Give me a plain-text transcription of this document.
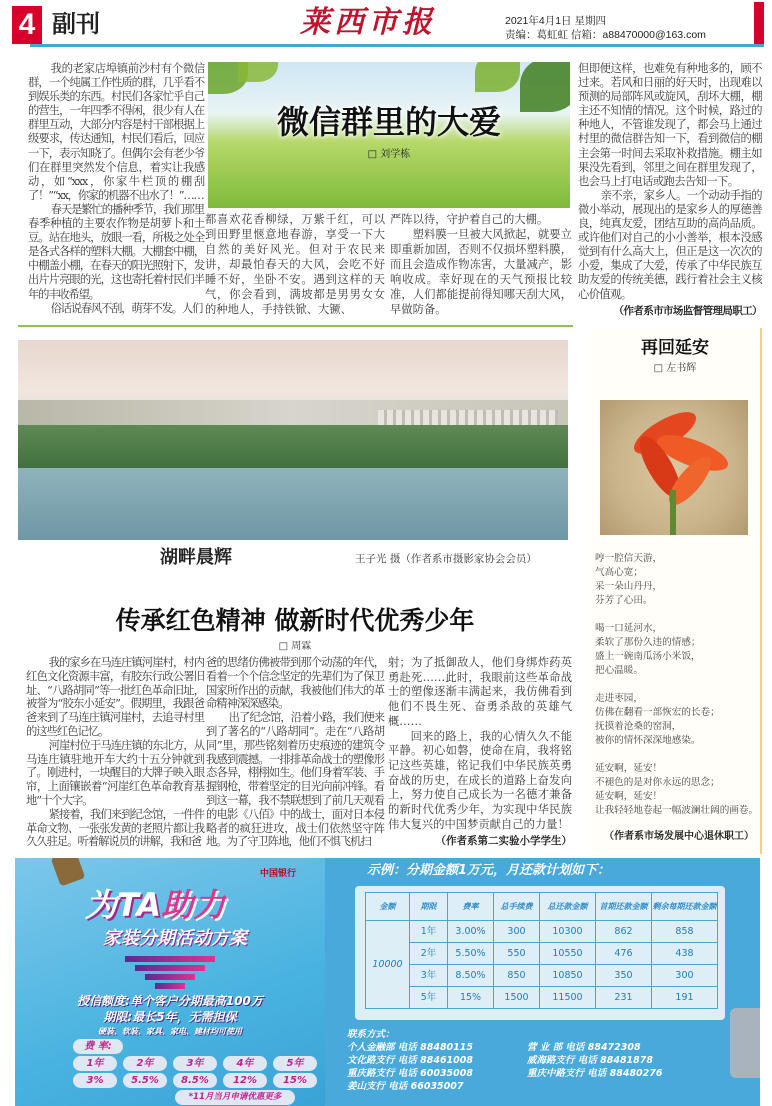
4 副刊	莱西市报	2021年4月1日 星期四
责编：葛虹虹 信箱：a88470000@163.com
微信群里的大爱
□ 刘学栋

我的老家店埠镇前沙村有个微信群，一个纯属工作性质的群，几乎看不到娱乐类的东西。村民们各家忙乎自己的营生，一年四季不得闲，很少有人在群里互动，大部分内容是村干部根据上级要求，传达通知，村民们看后，回应一下，表示知晓了。但偶尔会有老少爷们在群里突然发个信息，着实让我感动，如“xxx，你家牛栏顶的棚刮了！”“xx，你家的机器不出水了！”……

春天是繁忙的播种季节，我们那里春季种植的主要农作物是胡萝卜和土豆。站在地头，放眼一看，所极之处全是各式各样的塑料大棚。大棚套中棚，中棚盖小棚，在春天的阳光照射下，发出片片亮眼的光，这也寄托着村民们半年的丰收希望。

俗话说春风不刮，萌芽不发。人们

都喜欢花香柳绿，万紫千红，可以到田野里惬意地春游，享受一下大自然的美好风光。但对于农民来讲，却最怕春天的大风，会吃不好睡不好，坐卧不安。遇到这样的天气，你会看到，满坡都是男男女女的种地人，手持铁锨、大镢、

严阵以待，守护着自己的大棚。

塑料膜一旦被大风掀起，就要立即重新加固，否则不仅损坏塑料膜，而且会造成作物冻害，大量减产，影响收成。幸好现在的天气预报比较准，人们都能提前得知哪天刮大风，早做防备。

但即便这样，也难免有种地多的，顾不过来。若风和日丽的好天时，出现难以预测的局部阵风或旋风，刮坏大棚，棚主还不知情的情况。这个时候，路过的种地人，不管谁发现了，都会马上通过村里的微信群告知一下，看到微信的棚主会第一时间去采取补救措施。棚主如果没先看到，邻里之间在群里发现了，也会马上打电话或跑去告知一下。

亲不亲，家乡人。一个动动手指的微小举动，展现出的是家乡人的厚德善良，纯真友爱，团结互助的高尚品质。或许他们对自己的小小善举，根本没感觉到有什么高大上，但正是这一次次的小爱，集成了大爱，传承了中华民族互助友爱的传统美德，践行着社会主义核心价值观。

（作者系市市场监督管理局职工）

湖畔晨辉	王子光 摄（作者系市摄影家协会会员）
再回延安
□ 左书辉
哼一腔信天游，
气高心宽；
采一朵山丹丹，
芬芳了心田。
喝一口延河水，
柔软了那份久违的情感；
盛上一碗南瓜汤小米饭，
把心温暖。
走进枣园，
仿佛在翻看一部恢宏的长卷；
抚摸着沧桑的窑洞，
被你的情怀深深地感染。
延安啊，延安！
不褪色的是对你永远的思念；
延安啊，延安！
让我轻轻地卷起一幅波澜壮阔的画卷。
（作者系市场发展中心退休职工）
传承红色精神 做新时代优秀少年
□ 周霖

我的家乡在马连庄镇河崖村，村内红色文化资源丰富，有胶东行政公署旧址、“八路胡同”等一批红色革命旧址，被誉为“胶东小延安”。假期里，我跟爸爸来到了马连庄镇河崖村，去追寻村里的这些红色记忆。

河崖村位于马连庄镇的东北方，从马连庄镇驻地开车大约十五分钟就到了。刚进村，一块醒目的大牌子映入眼帘，上面镶嵌着“河崖红色革命教育基地”十个大字。

紧接着，我们来到纪念馆，一件件革命文物、一张张发黄的老照片都让我久久驻足。听着解说员的讲解，我和爸

爸的思绪仿佛被带到那个动荡的年代，看着一个个信念坚定的先辈们为了保卫国家所作出的贡献，我被他们伟大的革命精神深深感染。

出了纪念馆，沿着小路，我们便来到了著名的“八路胡同”。走在“八路胡同”里，那些铭刻着历史痕迹的建筑令我感到震撼。一排排革命战士的塑像形态各异，栩栩如生。他们身着军装、手握钢枪，带着坚定的目光向前冲锋。看到这一幕，我不禁联想到了前几天观看的电影《八佰》中的战士，面对日本侵略者的疯狂进攻，战士们依然坚守阵地。为了守卫阵地，他们不惧飞机扫

射；为了抵御敌人，他们身绑炸药英勇赴死……此时，我眼前这些革命战士的塑像逐渐丰满起来，我仿佛看到他们不畏生死、奋勇杀敌的英雄气概……

回来的路上，我的心情久久不能平静。初心如磐，使命在肩，我将铭记这些英雄，铭记我们中华民族英勇奋战的历史，在成长的道路上奋发向上，努力使自己成长为一名德才兼备的新时代优秀少年，为实现中华民族伟大复兴的中国梦贡献自己的力量！

（作者系第二实验小学学生）

中国银行
为TA助力
家装分期活动方案
授信额度:单个客户分期最高100万
期限:最长5年，无需担保
硬装、软装、家具、家电、建材均可使用
费 率:
1年
3%
2年
5.5%
3年
8.5%
4年
12%
5年
15%
*11月当月申请优惠更多
示例：分期金额1万元，月还款计划如下：
金额	期限	费率	总手续费	总还款金额	首期还款金额	剩余每期还款金额
10000	1年	3.00%	300	10300	862	858
	2年	5.50%	550	10550	476	438
	3年	8.50%	850	10850	350	300
	5年	15%	1500	11500	231	191
联系方式：
个人金融部 电话 88480115	营 业 部 电话 88472308
文化路支行 电话 88461008	威海路支行 电话 88481878
重庆路支行 电话 60035008	重庆中路支行 电话 88480276
姜山支行 电话 66035007
